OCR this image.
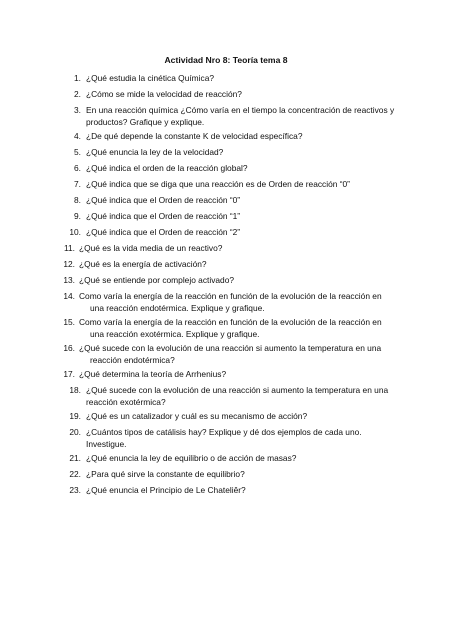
Actividad Nro 8: Teoría tema 8
1. ¿Qué estudia la cinética Química?
2. ¿Cómo se mide la velocidad de reacción?
3. En una reacción química ¿Cómo varía en el tiempo la concentración de reactivos y
productos? Grafique y explique.
4. ¿De qué depende la constante K de velocidad específica?
5. ¿Qué enuncia la ley de la velocidad?
6. ¿Qué indica el orden de la reacción global?
7. ¿Qué indica que se diga que una reacción es de Orden de reacción “0”
8. ¿Qué indica que el Orden de reacción “0”
9. ¿Qué indica que el Orden de reacción “1”
10. ¿Qué indica que el Orden de reacción “2”
11. ¿Qué es la vida media de un reactivo?
12. ¿Qué es la energía de activación?
13. ¿Qué se entiende por complejo activado?
14. Como varía la energía de la reacción en función de la evolución de la reacción en
una reacción endotérmica. Explique y grafique.
15. Como varía la energía de la reacción en función de la evolución de la reacción en
una reacción exotérmica. Explique y grafique.
16. ¿Qué sucede con la evolución de una reacción si aumento la temperatura en una
reacción endotérmica?
17. ¿Qué determina la teoría de Arrhenius?
18. ¿Qué sucede con la evolución de una reacción si aumento la temperatura en una
reacción exotérmica?
19. ¿Qué es un catalizador y cuál es su mecanismo de acción?
20. ¿Cuántos tipos de catálisis hay? Explique y dé dos ejemplos de cada uno.
Investigue.
21. ¿Qué enuncia la ley de equilibrio o de acción de masas?
22. ¿Para qué sirve la constante de equilibrio?
23. ¿Qué enuncia el Principio de Le Chateliêr?
